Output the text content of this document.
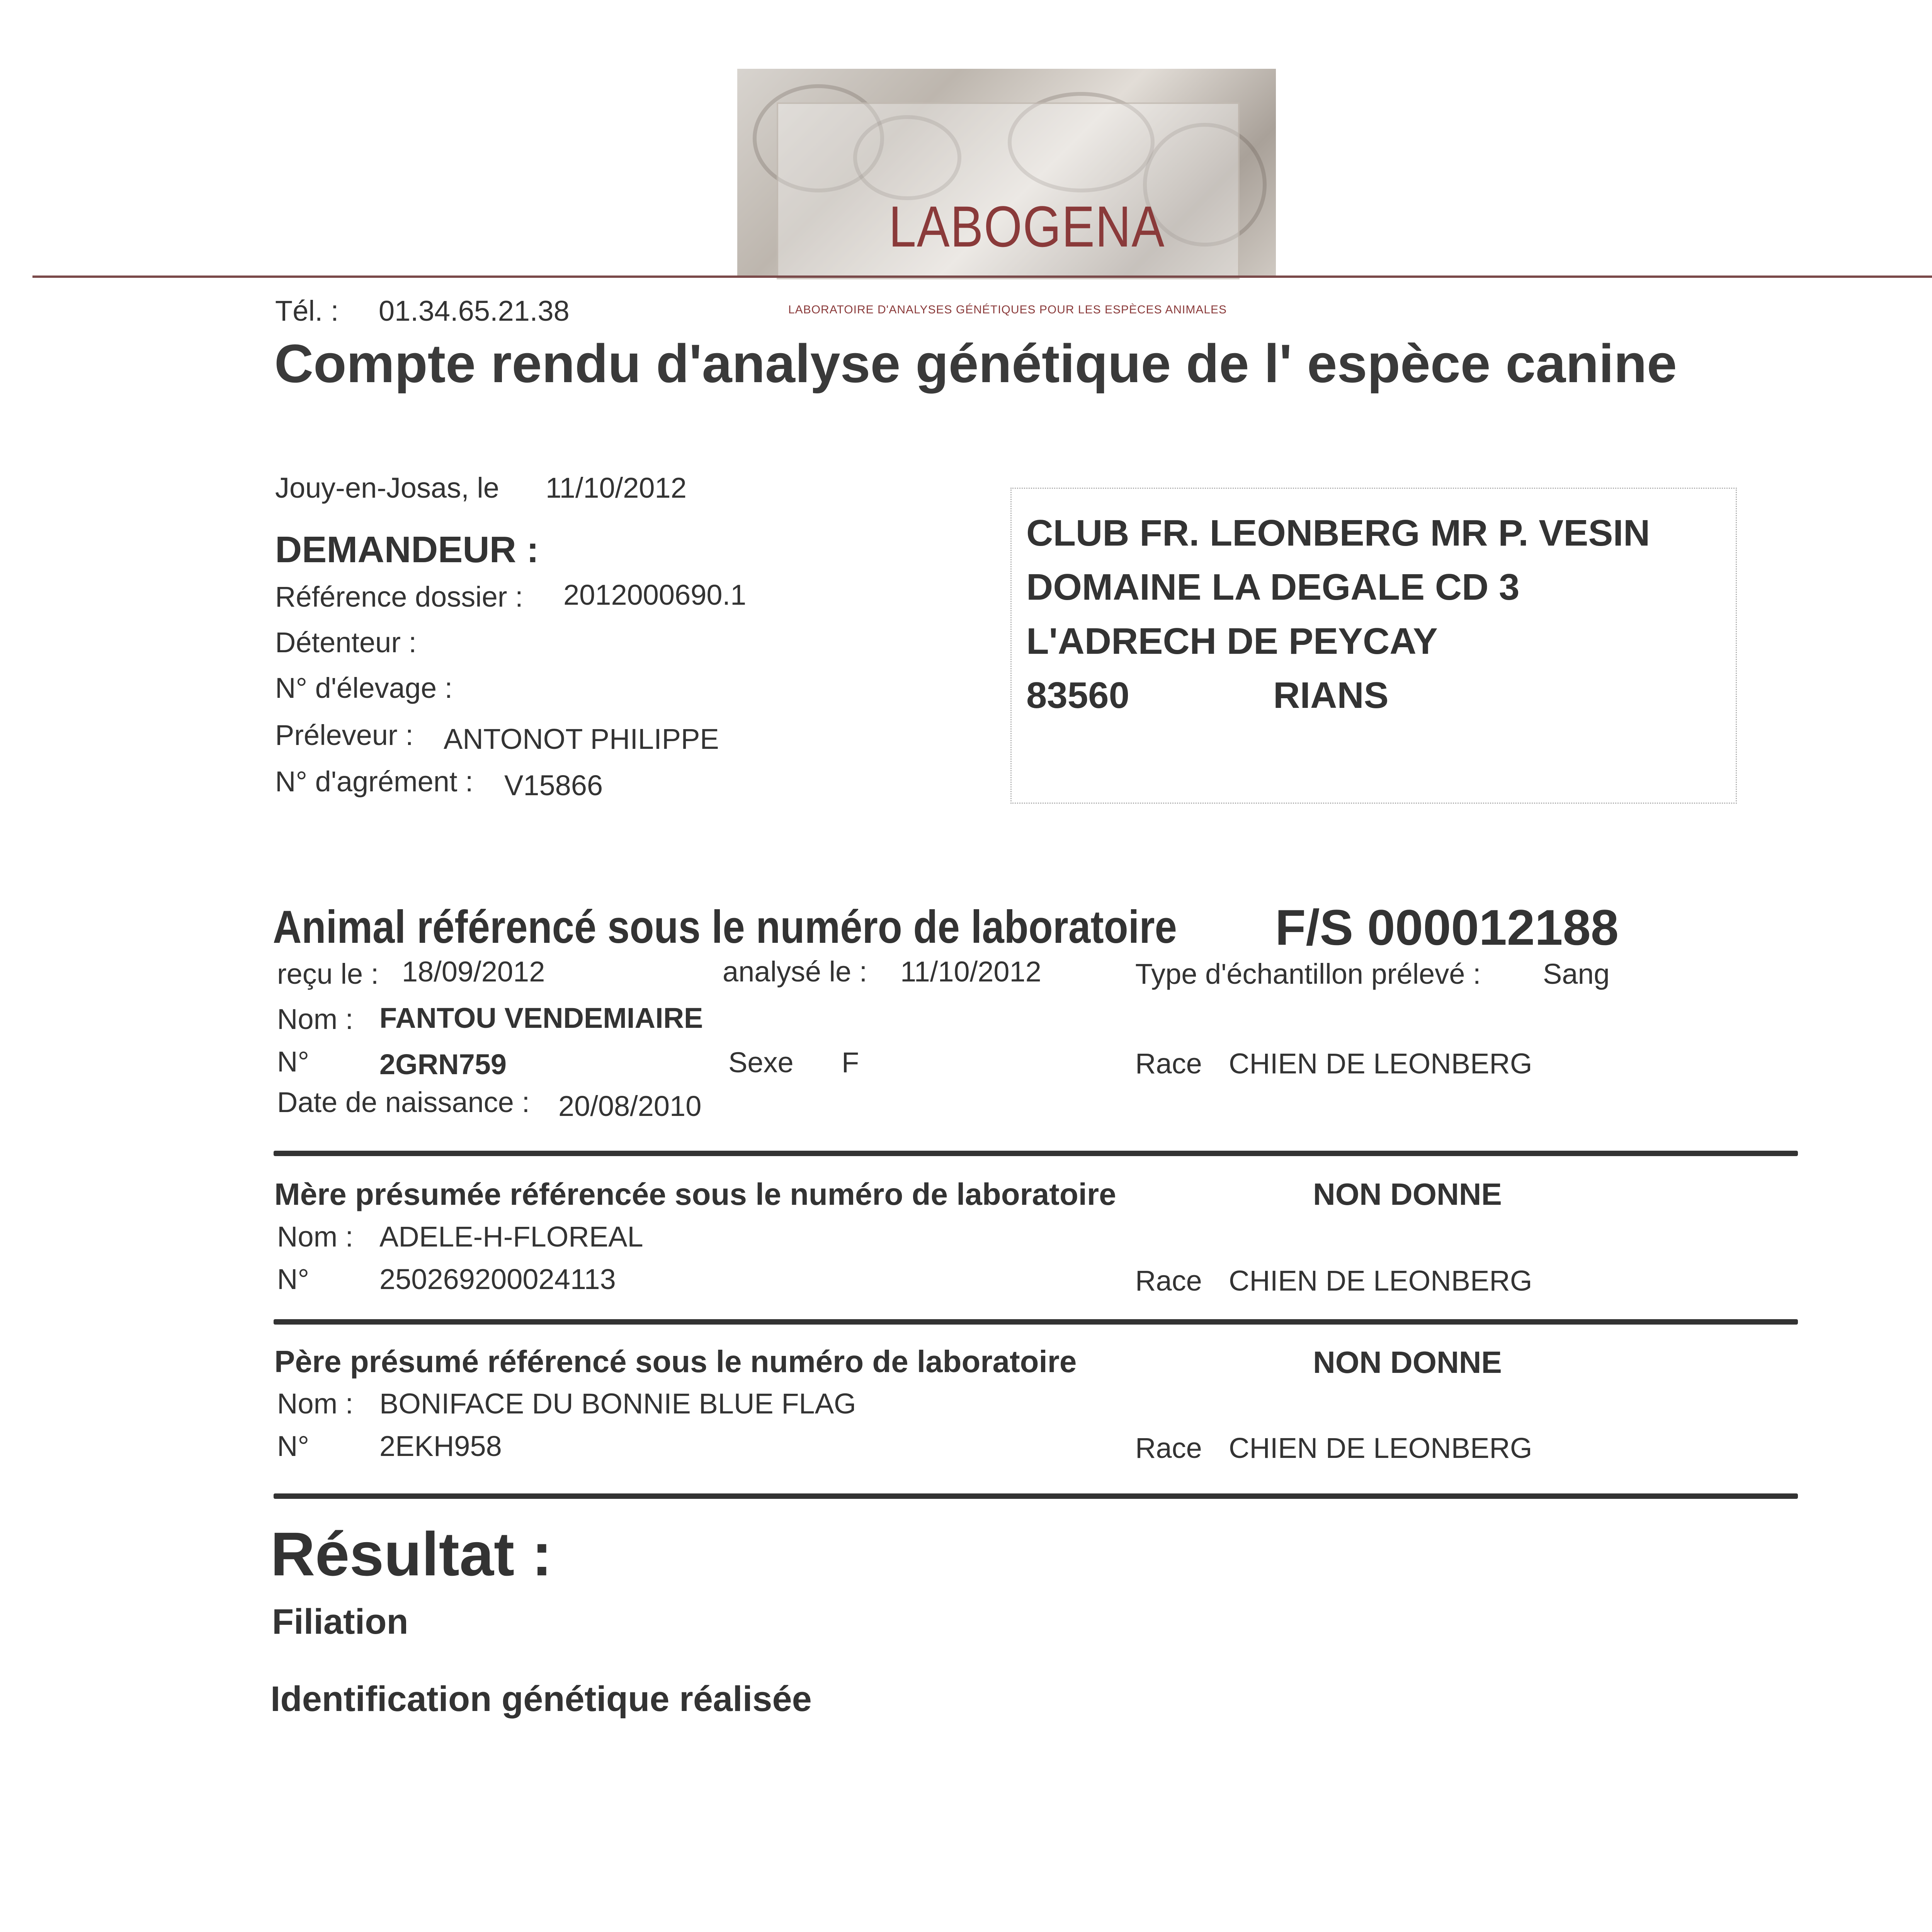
LABOGENA
LABORATOIRE D'ANALYSES GÉNÉTIQUES POUR LES ESPÈCES ANIMALES
Tél. : 01.34.65.21.38
Compte rendu d'analyse génétique de l' espèce canine
Jouy-en-Josas, le 11/10/2012
DEMANDEUR :
Référence dossier : 2012000690.1
Détenteur :
N° d'élevage :
Préleveur : ANTONOT PHILIPPE
N° d'agrément : V15866
CLUB FR. LEONBERG MR P. VESIN
DOMAINE LA DEGALE CD 3
L'ADRECH DE PEYCAY
83560	RIANS
Animal référencé sous le numéro de laboratoire F/S 000012188
reçu le : 18/09/2012	analysé le : 11/10/2012	Type d'échantillon prélevé : Sang
Nom : FANTOU VENDEMIAIRE
N° 2GRN759	Sexe F	Race CHIEN DE LEONBERG
Date de naissance : 20/08/2010
Mère présumée référencée sous le numéro de laboratoire	NON DONNE
Nom : ADELE-H-FLOREAL
N° 250269200024113	Race CHIEN DE LEONBERG
Père présumé référencé sous le numéro de laboratoire	NON DONNE
Nom : BONIFACE DU BONNIE BLUE FLAG
N° 2EKH958	Race CHIEN DE LEONBERG
Résultat :
Filiation
Identification génétique réalisée
